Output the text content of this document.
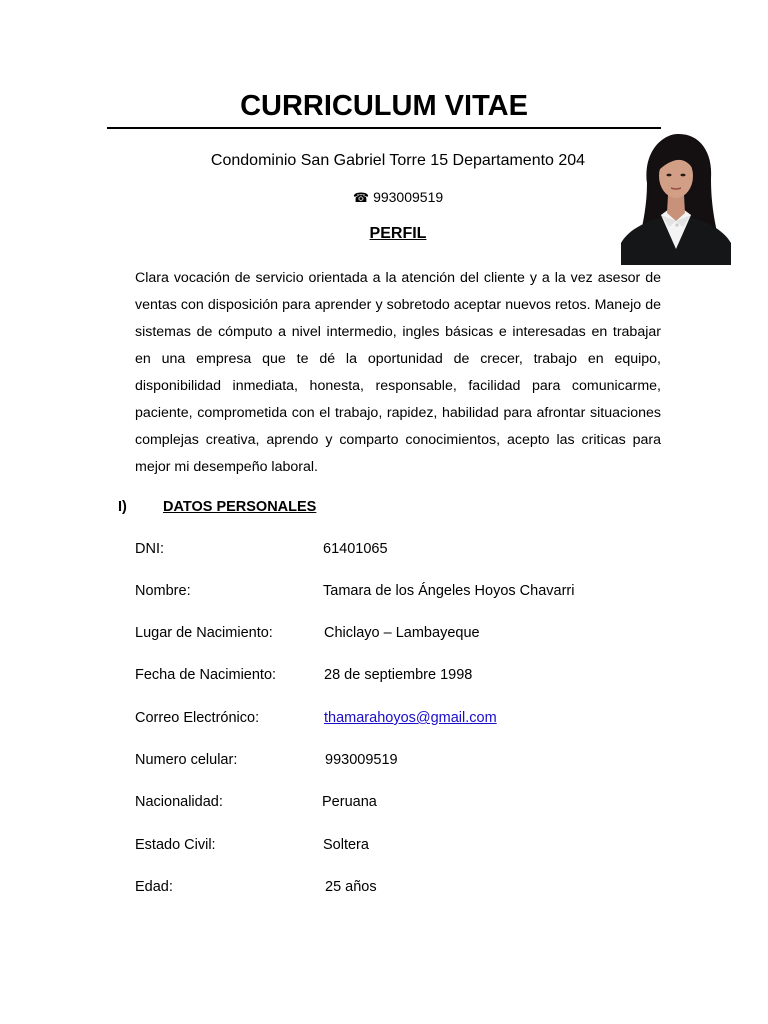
CURRICULUM VITAE
Condominio San Gabriel Torre 15 Departamento 204
☎ 993009519
PERFIL
Clara vocación de servicio orientada a la atención del cliente y a la vez asesor de ventas con disposición para aprender y sobretodo aceptar nuevos retos. Manejo de sistemas de cómputo a nivel intermedio, ingles básicas e interesadas en trabajar en una empresa que te dé la oportunidad de crecer, trabajo en equipo, disponibilidad inmediata, honesta, responsable, facilidad para comunicarme, paciente, comprometida con el trabajo, rapidez, habilidad para afrontar situaciones complejas creativa, aprendo y comparto conocimientos, acepto las criticas para mejor mi desempeño laboral.
I) DATOS PERSONALES
DNI:	61401065
Nombre:	Tamara de los Ángeles Hoyos Chavarri
Lugar de Nacimiento:	Chiclayo – Lambayeque
Fecha de Nacimiento:	28 de septiembre 1998
Correo Electrónico:	thamarahoyos@gmail.com
Numero celular:	993009519
Nacionalidad:	Peruana
Estado Civil:	Soltera
Edad:	25 años
